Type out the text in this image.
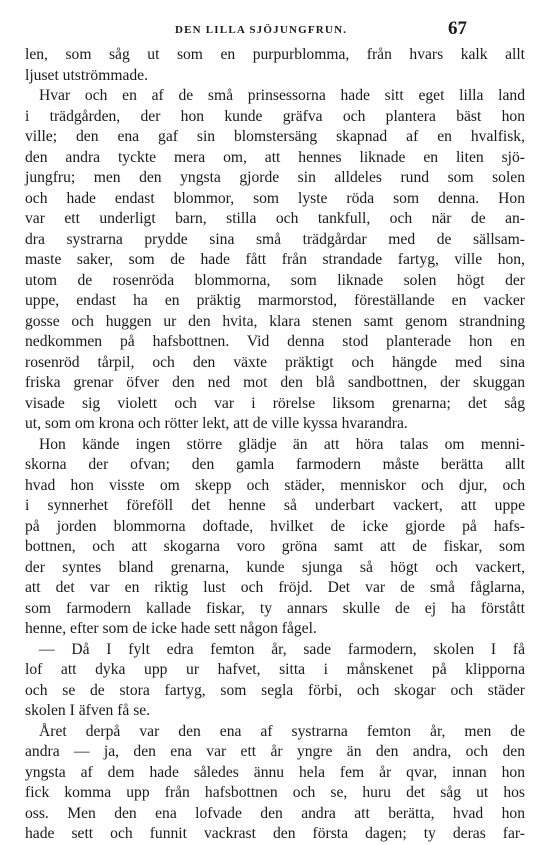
DEN LILLA SJÖJUNGFRUN.	67
len, som såg ut som en purpurblomma, från hvars kalk allt
ljuset utströmmade.
Hvar och en af de små prinsessorna hade sitt eget lilla land
i trädgården, der hon kunde gräfva och plantera bäst hon
ville; den ena gaf sin blomstersäng skapnad af en hvalfisk,
den andra tyckte mera om, att hennes liknade en liten sjö-
jungfru; men den yngsta gjorde sin alldeles rund som solen
och hade endast blommor, som lyste röda som denna. Hon
var ett underligt barn, stilla och tankfull, och när de an-
dra systrarna prydde sina små trädgårdar med de sällsam-
maste saker, som de hade fått från strandade fartyg, ville hon,
utom de rosenröda blommorna, som liknade solen högt der
uppe, endast ha en präktig marmorstod, föreställande en vacker
gosse och huggen ur den hvita, klara stenen samt genom strandning
nedkommen på hafsbottnen. Vid denna stod planterade hon en
rosenröd tårpil, och den växte präktigt och hängde med sina
friska grenar öfver den ned mot den blå sandbottnen, der skuggan
visade sig violett och var i rörelse liksom grenarna; det såg
ut, som om krona och rötter lekt, att de ville kyssa hvarandra.
Hon kände ingen större glädje än att höra talas om menni-
skorna der ofvan; den gamla farmodern måste berätta allt
hvad hon visste om skepp och städer, menniskor och djur, och
i synnerhet föreföll det henne så underbart vackert, att uppe
på jorden blommorna doftade, hvilket de icke gjorde på hafs-
bottnen, och att skogarna voro gröna samt att de fiskar, som
der syntes bland grenarna, kunde sjunga så högt och vackert,
att det var en riktig lust och fröjd. Det var de små fåglarna,
som farmodern kallade fiskar, ty annars skulle de ej ha förstått
henne, efter som de icke hade sett någon fågel.
— Då I fylt edra femton år, sade farmodern, skolen I få
lof att dyka upp ur hafvet, sitta i månskenet på klipporna
och se de stora fartyg, som segla förbi, och skogar och städer
skolen I äfven få se.
Året derpå var den ena af systrarna femton år, men de
andra — ja, den ena var ett år yngre än den andra, och den
yngsta af dem hade således ännu hela fem år qvar, innan hon
fick komma upp från hafsbottnen och se, huru det såg ut hos
oss. Men den ena lofvade den andra att berätta, hvad hon
hade sett och funnit vackrast den första dagen; ty deras far-
